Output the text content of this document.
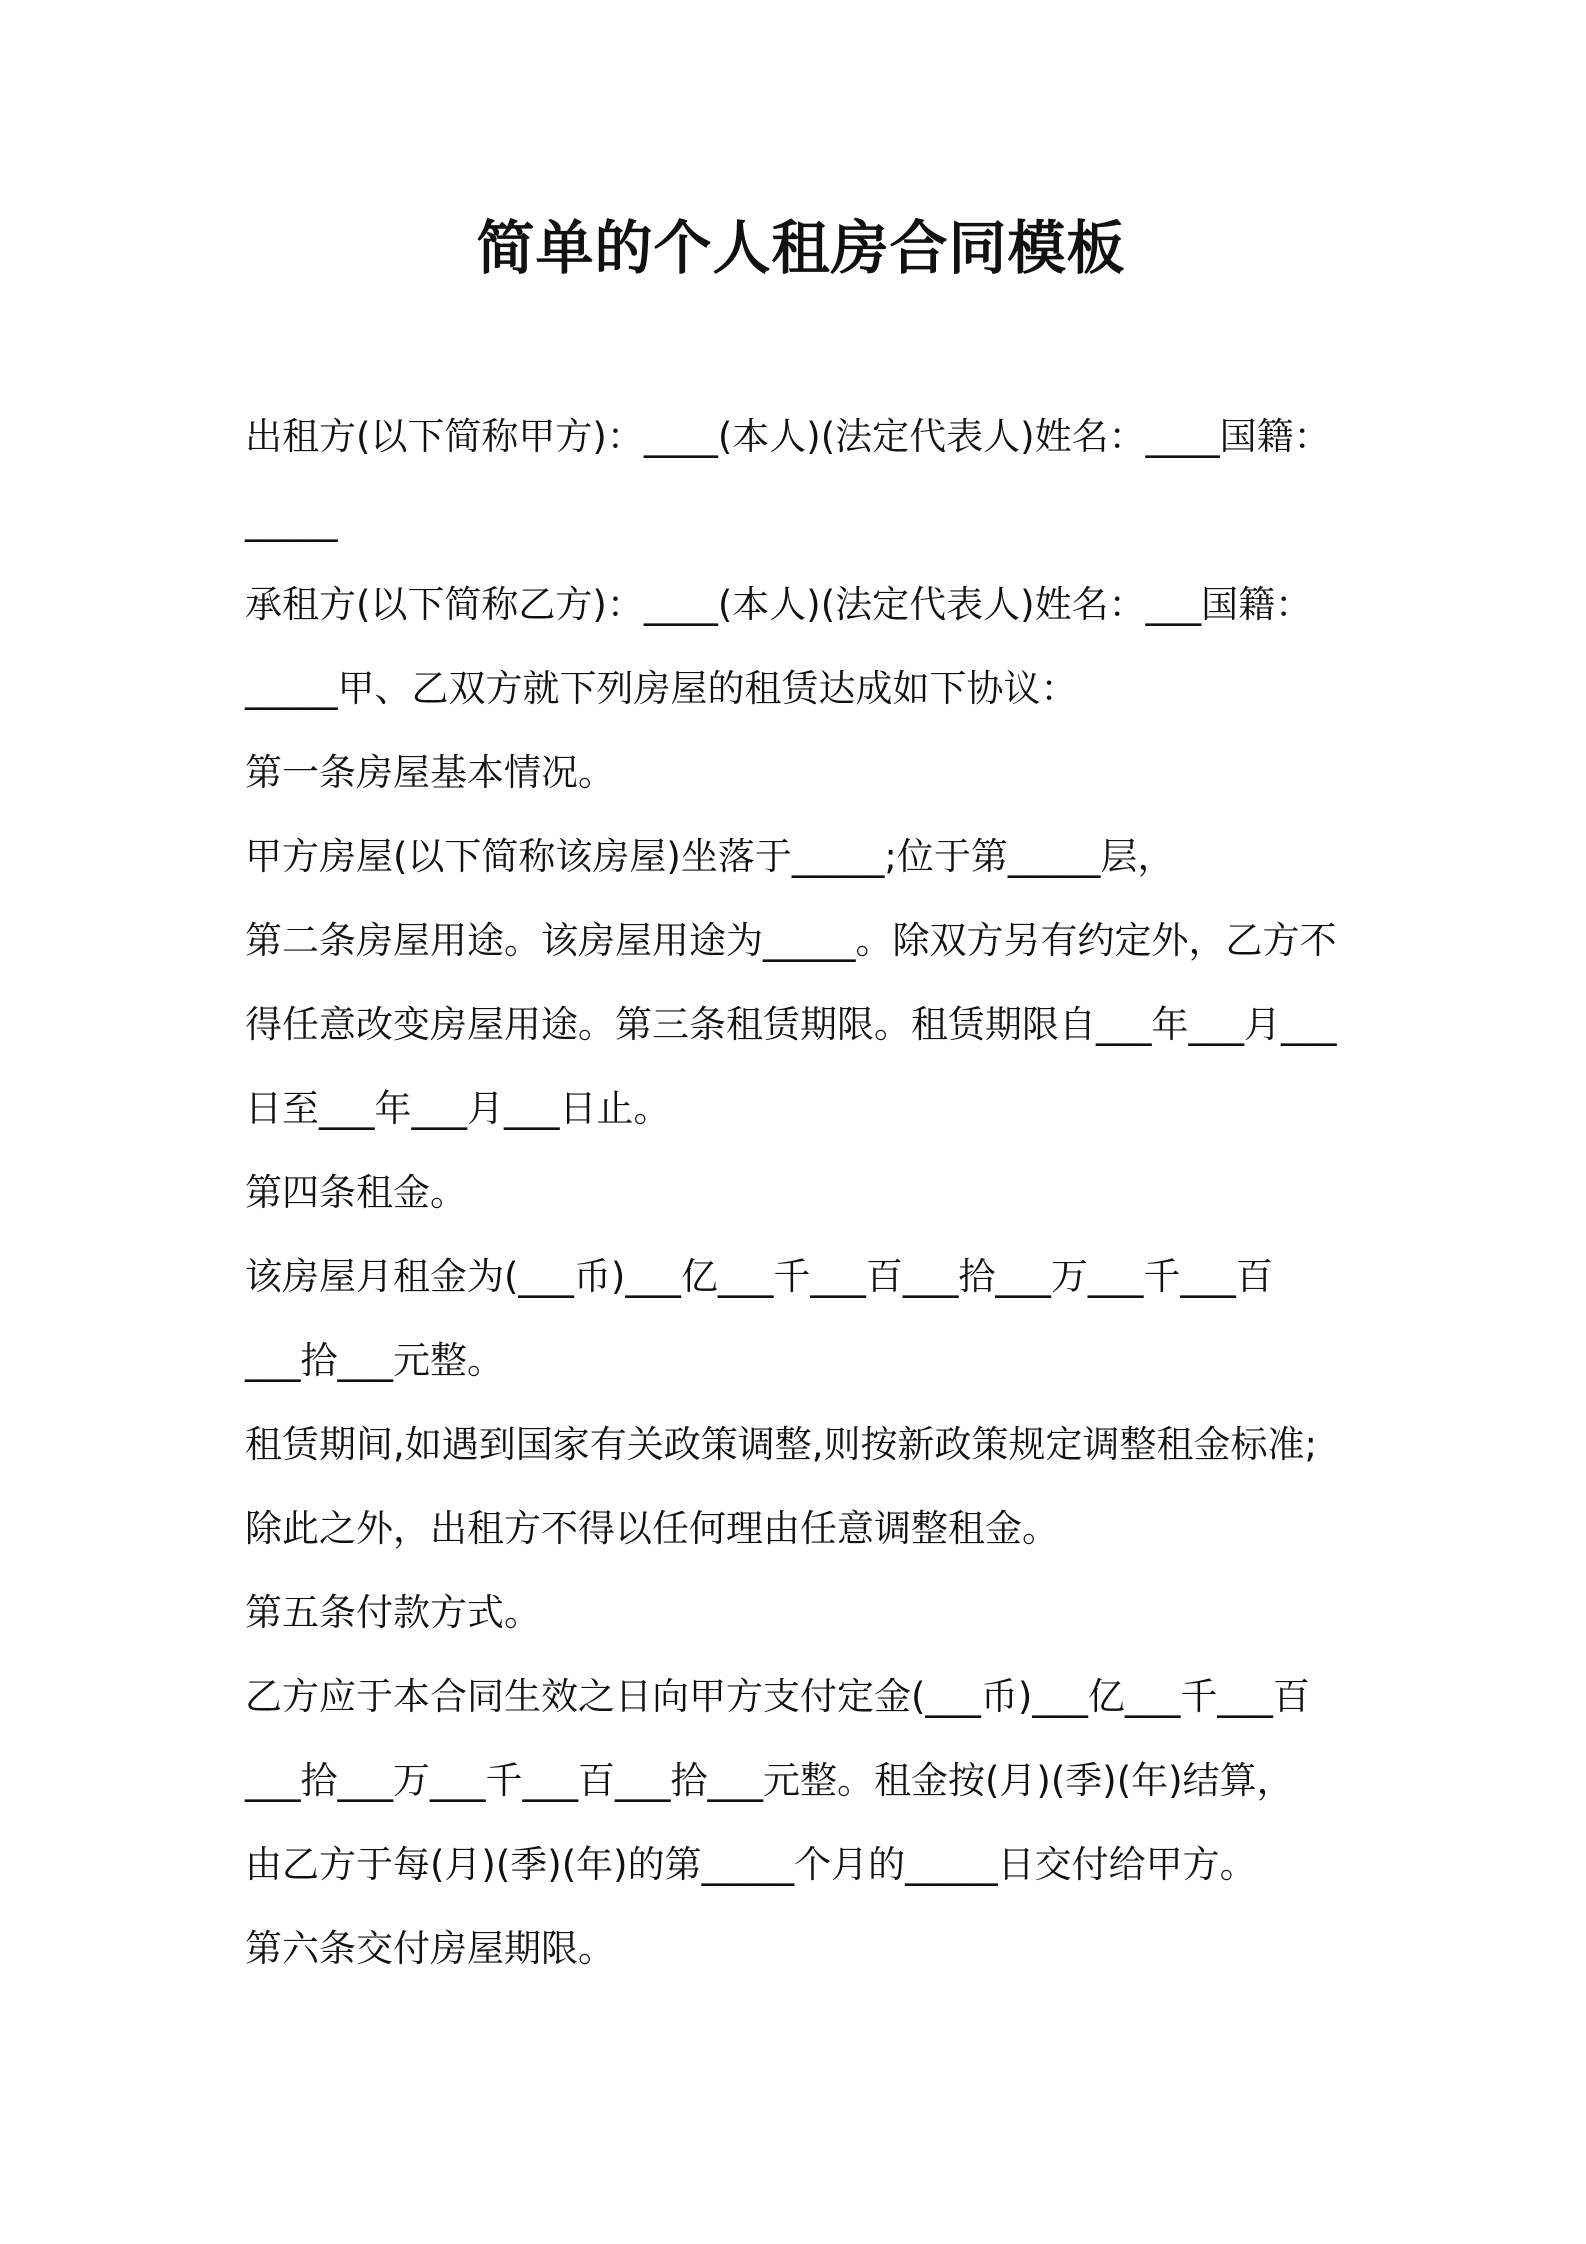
简单的个人租房合同模板
出租方(以下简称甲方)：____(本人)(法定代表人)姓名：____国籍：
_____
承租方(以下简称乙方)：____(本人)(法定代表人)姓名：___国籍：
_____甲、乙双方就下列房屋的租赁达成如下协议：
第一条房屋基本情况。
甲方房屋(以下简称该房屋)坐落于_____;位于第_____层，
第二条房屋用途。该房屋用途为_____。除双方另有约定外，乙方不
得任意改变房屋用途。第三条租赁期限。租赁期限自___年___月___
日至___年___月___日止。
第四条租金。
该房屋月租金为(___币)___亿___千___百___拾___万___千___百
___拾___元整。
租赁期间,如遇到国家有关政策调整,则按新政策规定调整租金标准;
除此之外，出租方不得以任何理由任意调整租金。
第五条付款方式。
乙方应于本合同生效之日向甲方支付定金(___币)___亿___千___百
___拾___万___千___百___拾___元整。租金按(月)(季)(年)结算，
由乙方于每(月)(季)(年)的第_____个月的_____日交付给甲方。
第六条交付房屋期限。
